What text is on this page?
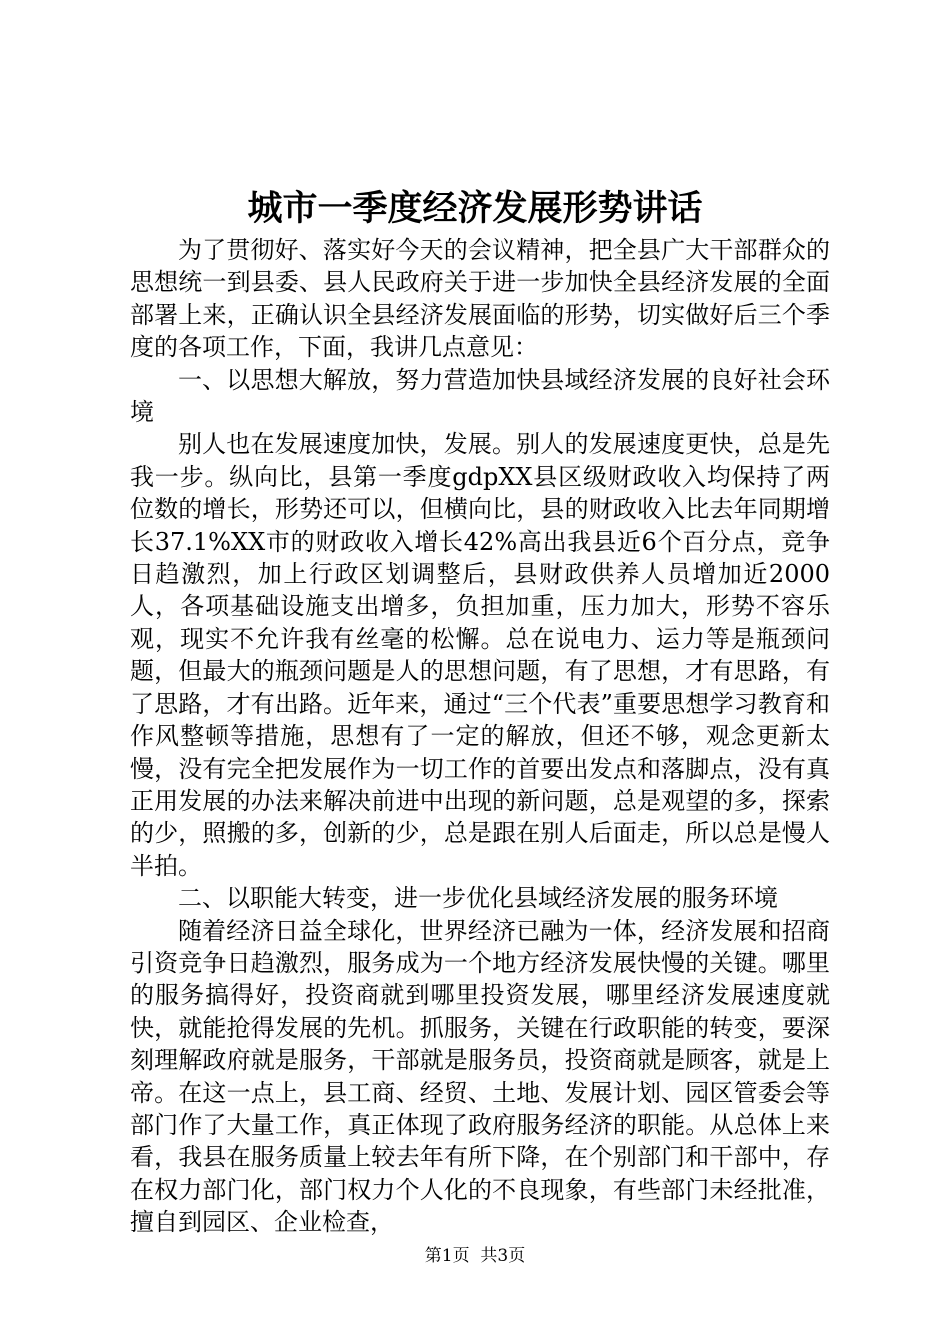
城市一季度经济发展形势讲话

为了贯彻好、落实好今天的会议精神，把全县广大干部群众的思想统一到县委、县人民政府关于进一步加快全县经济发展的全面部署上来，正确认识全县经济发展面临的形势，切实做好后三个季度的各项工作，下面，我讲几点意见：

一、以思想大解放，努力营造加快县域经济发展的良好社会环境

别人也在发展速度加快，发展。别人的发展速度更快，总是先我一步。纵向比，县第一季度gdpXX县区级财政收入均保持了两位数的增长，形势还可以，但横向比，县的财政收入比去年同期增长37.1%XX市的财政收入增长42%高出我县近6个百分点，竞争日趋激烈，加上行政区划调整后，县财政供养人员增加近2000人，各项基础设施支出增多，负担加重，压力加大，形势不容乐观，现实不允许我有丝毫的松懈。总在说电力、运力等是瓶颈问题，但最大的瓶颈问题是人的思想问题，有了思想，才有思路，有了思路，才有出路。近年来，通过“三个代表”重要思想学习教育和作风整顿等措施，思想有了一定的解放，但还不够，观念更新太慢，没有完全把发展作为一切工作的首要出发点和落脚点，没有真正用发展的办法来解决前进中出现的新问题，总是观望的多，探索的少，照搬的多，创新的少，总是跟在别人后面走，所以总是慢人半拍。

二、以职能大转变，进一步优化县域经济发展的服务环境

随着经济日益全球化，世界经济已融为一体，经济发展和招商引资竞争日趋激烈，服务成为一个地方经济发展快慢的关键。哪里的服务搞得好，投资商就到哪里投资发展，哪里经济发展速度就快，就能抢得发展的先机。抓服务，关键在行政职能的转变，要深刻理解政府就是服务，干部就是服务员，投资商就是顾客，就是上帝。在这一点上，县工商、经贸、土地、发展计划、园区管委会等部门作了大量工作，真正体现了政府服务经济的职能。从总体上来看，我县在服务质量上较去年有所下降，在个别部门和干部中，存在权力部门化，部门权力个人化的不良现象，有些部门未经批准，擅自到园区、企业检查，

第1页  共3页
